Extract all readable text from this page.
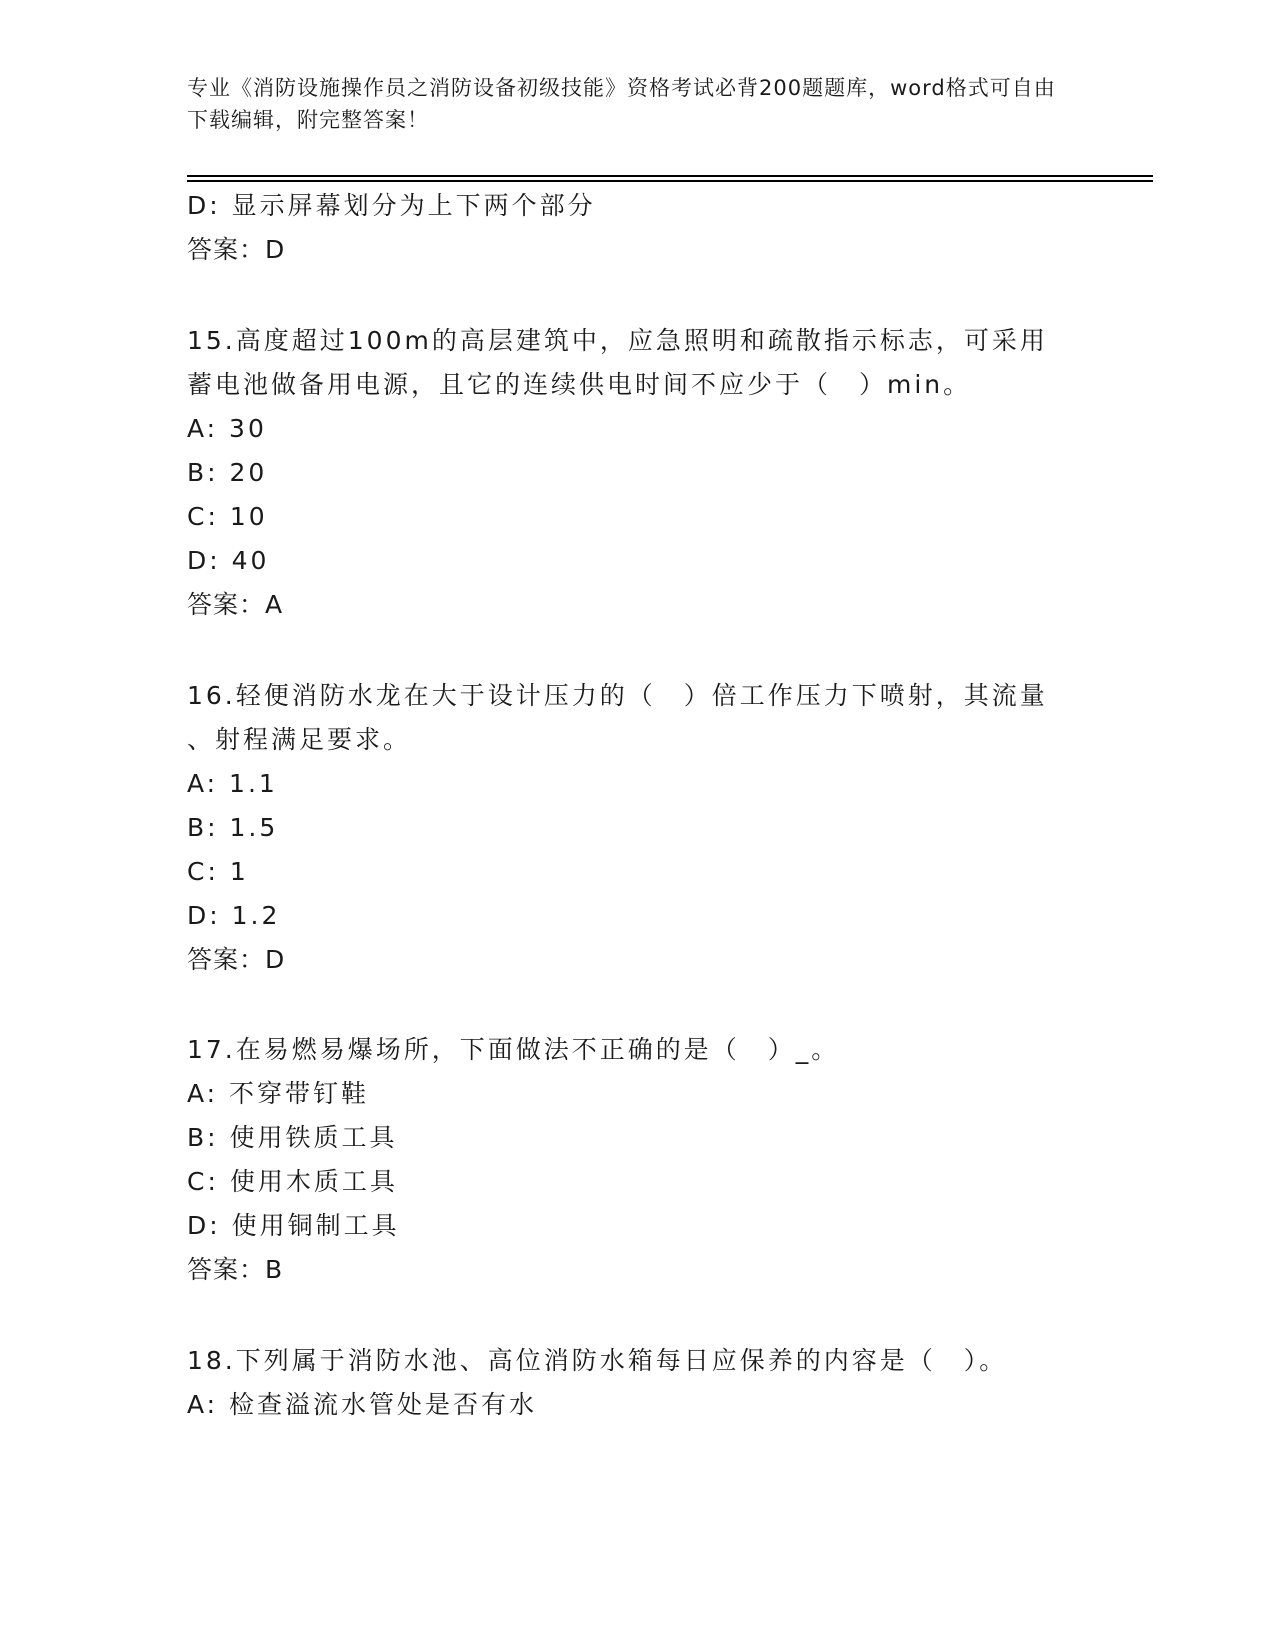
专业《消防设施操作员之消防设备初级技能》资格考试必背200题题库，word格式可自由下载编辑，附完整答案！
D: 显示屏幕划分为上下两个部分
答案：D
15.高度超过100m的高层建筑中，应急照明和疏散指示标志，可采用
蓄电池做备用电源，且它的连续供电时间不应少于（　）min。
A: 30
B: 20
C: 10
D: 40
答案：A
16.轻便消防水龙在大于设计压力的（　）倍工作压力下喷射，其流量
、射程满足要求。
A: 1.1
B: 1.5
C: 1
D: 1.2
答案：D
17.在易燃易爆场所，下面做法不正确的是（　）_。
A: 不穿带钉鞋
B: 使用铁质工具
C: 使用木质工具
D: 使用铜制工具
答案：B
18.下列属于消防水池、高位消防水箱每日应保养的内容是（　）。
A: 检查溢流水管处是否有水
